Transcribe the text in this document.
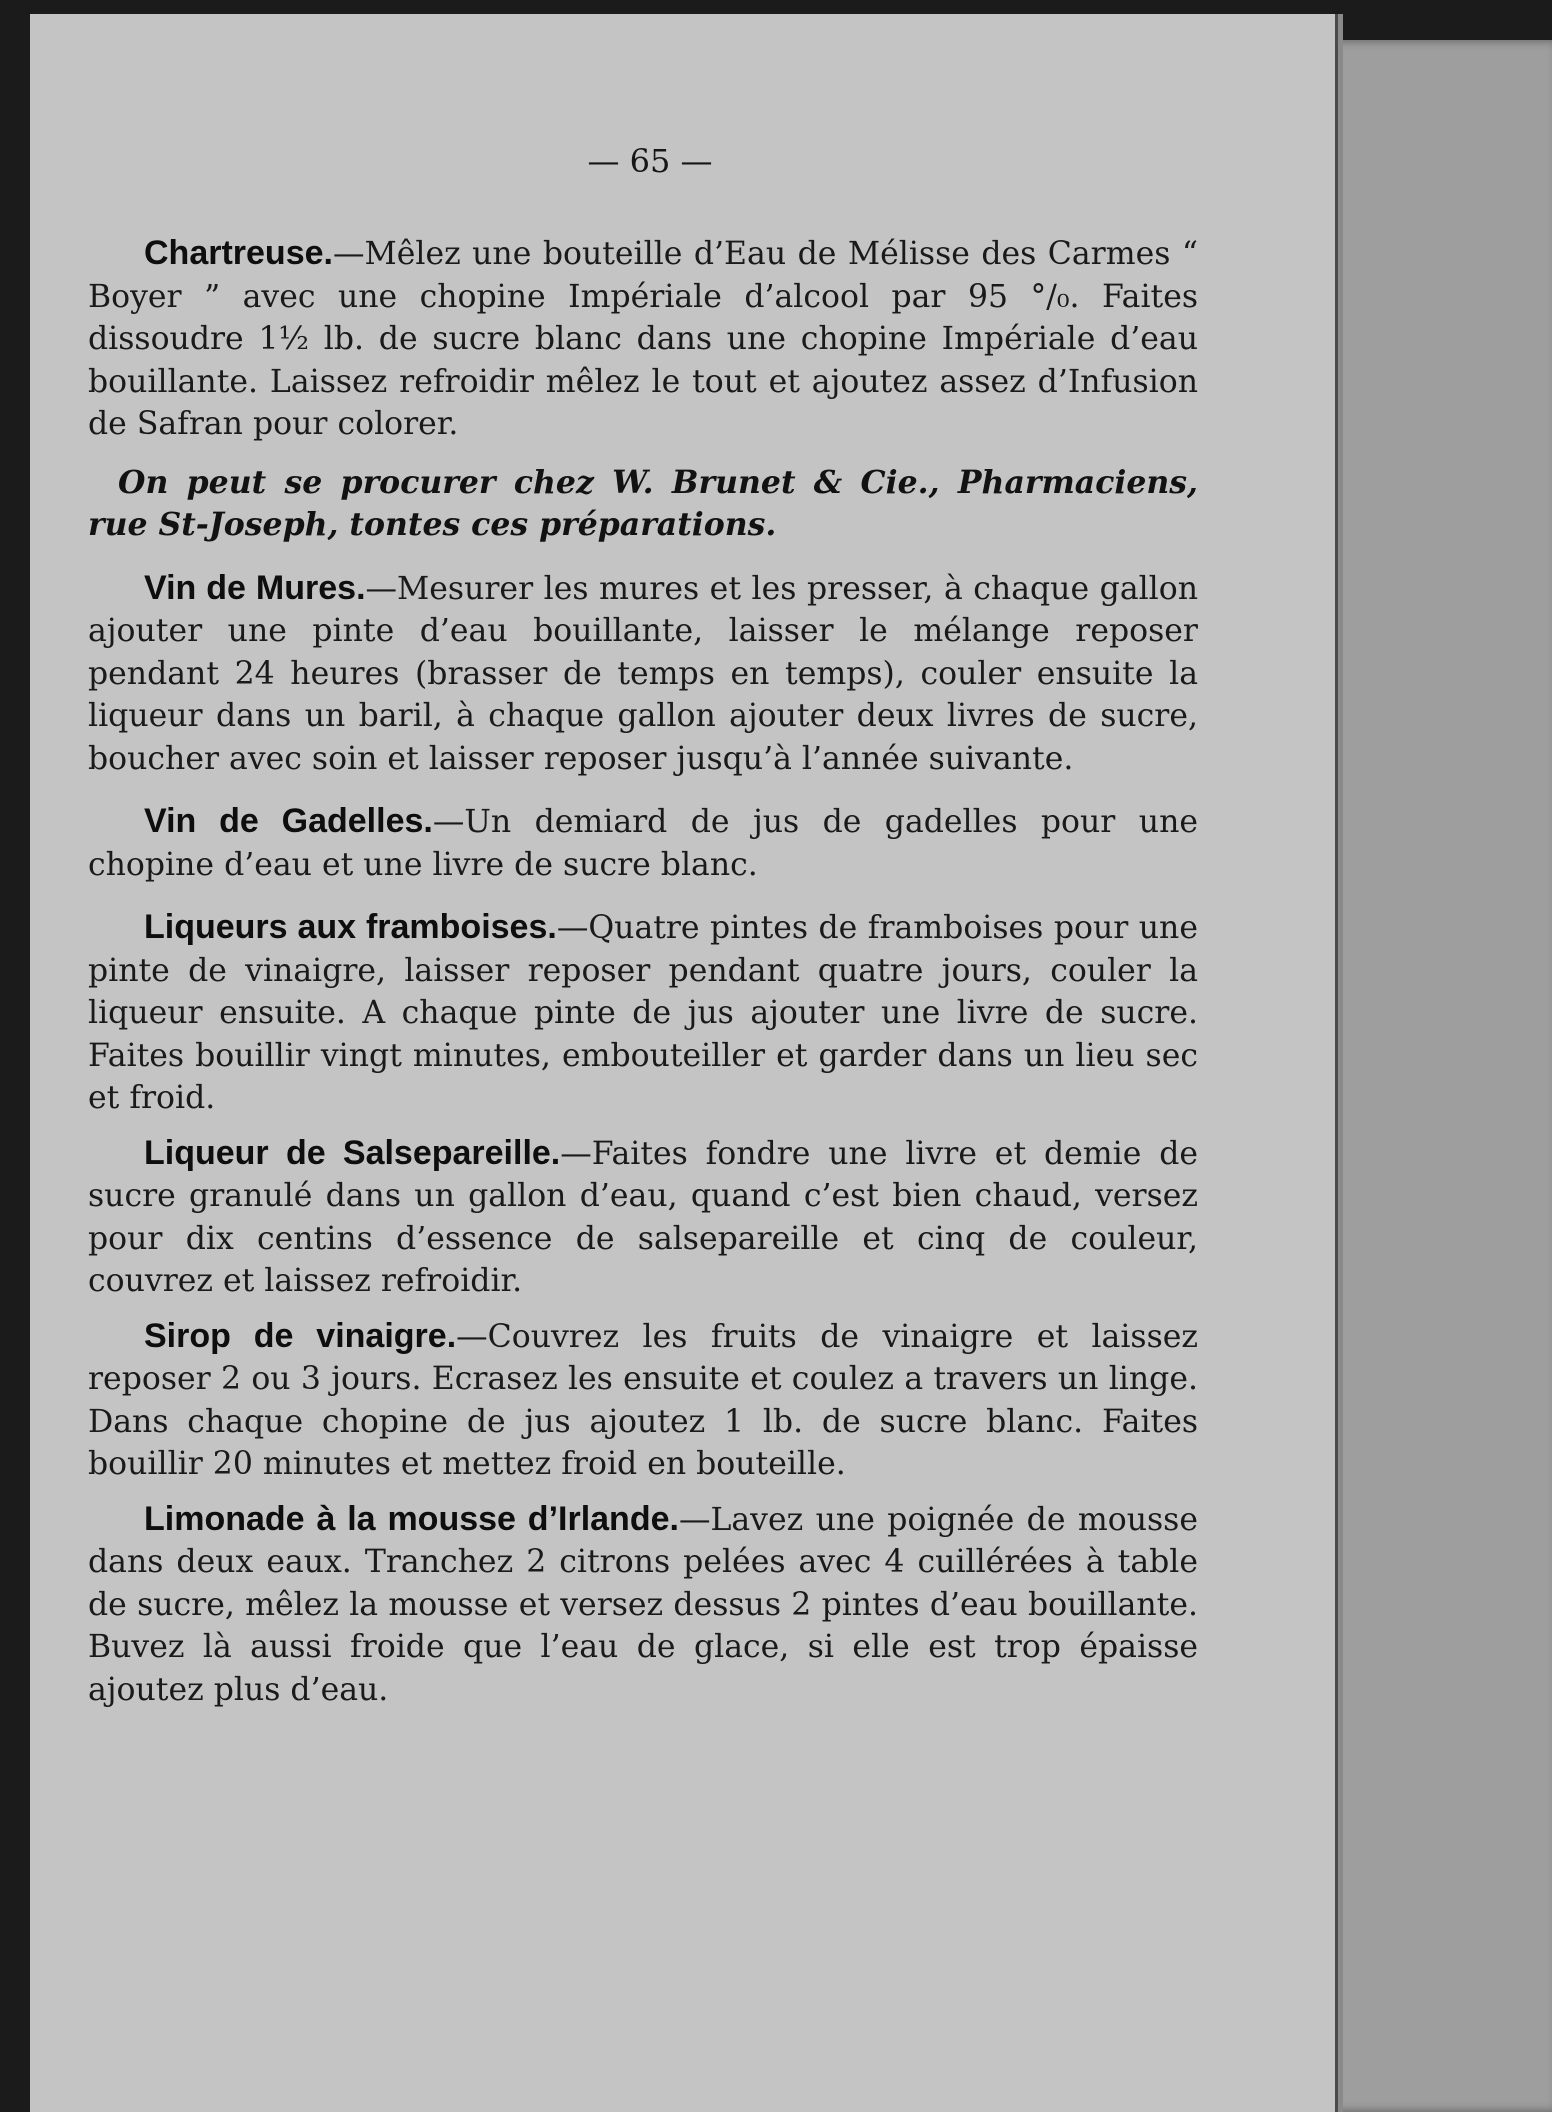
— 65 —

Chartreuse.—Mêlez une bouteille d’Eau de Mélisse des Carmes “ Boyer ” avec une chopine Impériale d’alcool par 95 °/₀. Faites dissoudre 1½ lb. de sucre blanc dans une chopine Impériale d’eau bouillante. Laissez refroidir mêlez le tout et ajoutez assez d’Infusion de Safran pour colorer.

On peut se procurer chez W. Brunet & Cie., Pharmaciens, rue St-Joseph, tontes ces préparations.

Vin de Mures.—Mesurer les mures et les presser, à chaque gallon ajouter une pinte d’eau bouillante, laisser le mélange reposer pendant 24 heures (brasser de temps en temps), couler ensuite la liqueur dans un baril, à chaque gallon ajouter deux livres de sucre, boucher avec soin et laisser reposer jusqu’à l’année suivante.

Vin de Gadelles.—Un demiard de jus de gadelles pour une chopine d’eau et une livre de sucre blanc.

Liqueurs aux framboises.—Quatre pintes de framboises pour une pinte de vinaigre, laisser reposer pendant quatre jours, couler la liqueur ensuite. A chaque pinte de jus ajouter une livre de sucre. Faites bouillir vingt minutes, embouteiller et garder dans un lieu sec et froid.

Liqueur de Salsepareille.—Faites fondre une livre et demie de sucre granulé dans un gallon d’eau, quand c’est bien chaud, versez pour dix centins d’essence de salsepareille et cinq de couleur, couvrez et laissez refroidir.

Sirop de vinaigre.—Couvrez les fruits de vinaigre et laissez reposer 2 ou 3 jours. Ecrasez les ensuite et coulez a travers un linge. Dans chaque chopine de jus ajoutez 1 lb. de sucre blanc. Faites bouillir 20 minutes et mettez froid en bouteille.

Limonade à la mousse d’Irlande.—Lavez une poignée de mousse dans deux eaux. Tranchez 2 citrons pelées avec 4 cuillérées à table de sucre, mêlez la mousse et versez dessus 2 pintes d’eau bouillante. Buvez là aussi froide que l’eau de glace, si elle est trop épaisse ajoutez plus d’eau.
